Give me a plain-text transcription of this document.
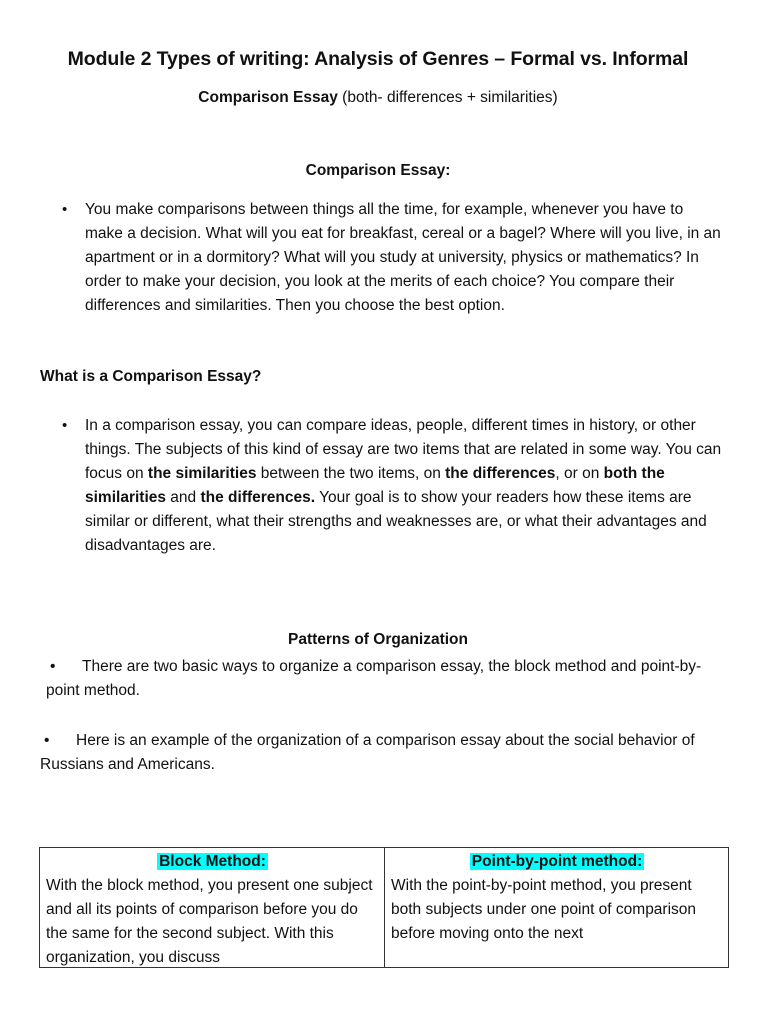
Module 2 Types of writing: Analysis of Genres – Formal vs. Informal
Comparison Essay (both- differences + similarities)
Comparison Essay:
•	You make comparisons between things all the time, for example, whenever you have to make a decision. What will you eat for breakfast, cereal or a bagel? Where will you live, in an apartment or in a dormitory? What will you study at university, physics or mathematics? In order to make your decision, you look at the merits of each choice? You compare their differences and similarities. Then you choose the best option.
What is a Comparison Essay?
•	In a comparison essay, you can compare ideas, people, different times in history, or other things. The subjects of this kind of essay are two items that are related in some way. You can focus on the similarities between the two items, on the differences, or on both the similarities and the differences. Your goal is to show your readers how these items are similar or different, what their strengths and weaknesses are, or what their advantages and disadvantages are.
Patterns of Organization
• There are two basic ways to organize a comparison essay, the block method and point-by-point method.
• Here is an example of the organization of a comparison essay about the social behavior of Russians and Americans.
Block Method:
With the block method, you present one subject and all its points of comparison before you do the same for the second subject. With this organization, you discuss
Point-by-point method:
With the point-by-point method, you present both subjects under one point of comparison before moving onto the next
